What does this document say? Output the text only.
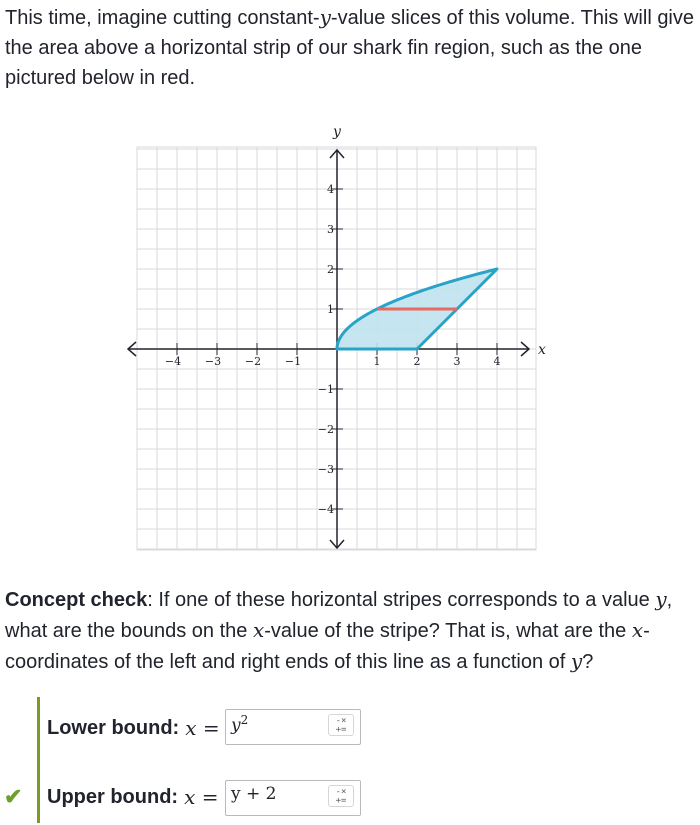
This time, imagine cutting constant-y-value slices of this volume. This will give the area above a horizontal strip of our shark fin region, such as the one pictured below in red.

−4 −3 −2 −1	1	2	3	4
4
3
2
1
−1
−2
−3
−4
x
y

Concept check: If one of these horizontal stripes corresponds to a value y, what are the bounds on the x-value of the stripe? That is, what are the x-coordinates of the left and right ends of this line as a function of y?

Lower bound: $x = y^2$	-×
+=
Upper bound: x = y + 2	-×
+=
✔
